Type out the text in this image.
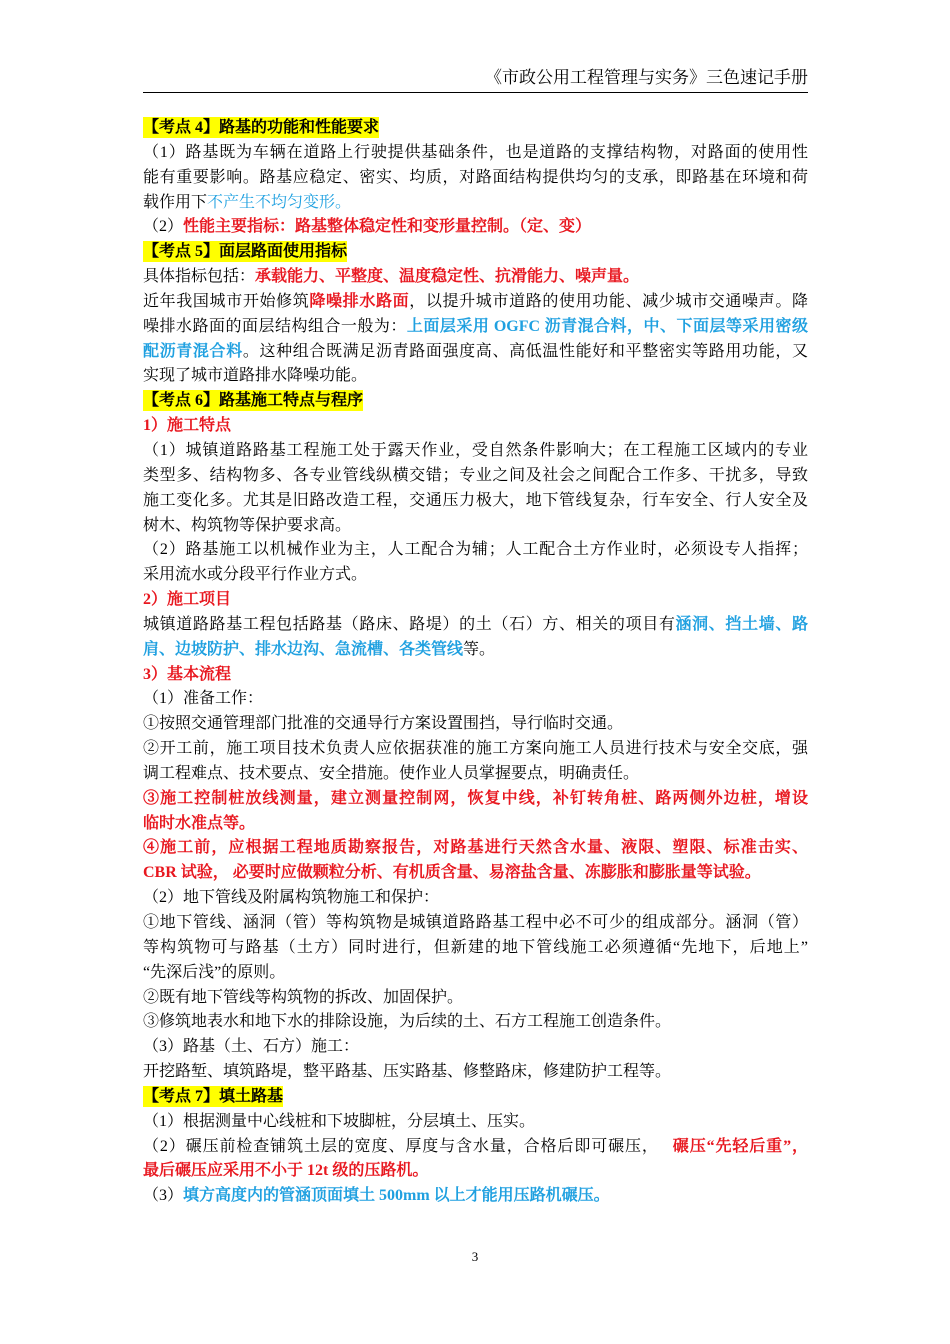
《市政公用工程管理与实务》三色速记手册
【考点 4】路基的功能和性能要求
（1）路基既为车辆在道路上行驶提供基础条件，也是道路的支撑结构物，对路面的使用性
能有重要影响。路基应稳定、密实、均质，对路面结构提供均匀的支承，即路基在环境和荷
载作用下不产生不均匀变形。
（2）性能主要指标：路基整体稳定性和变形量控制。（定、变）
【考点 5】面层路面使用指标
具体指标包括：承载能力、平整度、温度稳定性、抗滑能力、噪声量。
近年我国城市开始修筑降噪排水路面，以提升城市道路的使用功能、减少城市交通噪声。降
噪排水路面的面层结构组合一般为：上面层采用 OGFC 沥青混合料，中、下面层等采用密级
配沥青混合料。这种组合既满足沥青路面强度高、高低温性能好和平整密实等路用功能，又
实现了城市道路排水降噪功能。
【考点 6】路基施工特点与程序
1）施工特点
（1）城镇道路路基工程施工处于露天作业，受自然条件影响大；在工程施工区域内的专业
类型多、结构物多、各专业管线纵横交错；专业之间及社会之间配合工作多、干扰多，导致
施工变化多。尤其是旧路改造工程，交通压力极大，地下管线复杂，行车安全、行人安全及
树木、构筑物等保护要求高。
（2）路基施工以机械作业为主，人工配合为辅；人工配合土方作业时，必须设专人指挥；
采用流水或分段平行作业方式。
2）施工项目
城镇道路路基工程包括路基（路床、路堤）的土（石）方、相关的项目有涵洞、挡土墙、路
肩、边坡防护、排水边沟、急流槽、各类管线等。
3）基本流程
（1）准备工作：
①按照交通管理部门批准的交通导行方案设置围挡，导行临时交通。
②开工前，施工项目技术负责人应依据获准的施工方案向施工人员进行技术与安全交底，强
调工程难点、技术要点、安全措施。使作业人员掌握要点，明确责任。
③施工控制桩放线测量，建立测量控制网，恢复中线，补钉转角桩、路两侧外边桩，增设
临时水准点等。
④施工前，应根据工程地质勘察报告，对路基进行天然含水量、液限、塑限、标准击实、
CBR 试验， 必要时应做颗粒分析、有机质含量、易溶盐含量、冻膨胀和膨胀量等试验。
（2）地下管线及附属构筑物施工和保护：
①地下管线、涵洞（管）等构筑物是城镇道路路基工程中必不可少的组成部分。涵洞（管）
等构筑物可与路基（土方）同时进行，但新建的地下管线施工必须遵循“先地下，后地上”
“先深后浅”的原则。
②既有地下管线等构筑物的拆改、加固保护。
③修筑地表水和地下水的排除设施，为后续的土、石方工程施工创造条件。
（3）路基（土、石方）施工：
开挖路堑、填筑路堤，整平路基、压实路基、修整路床，修建防护工程等。
【考点 7】填土路基
（1）根据测量中心线桩和下坡脚桩，分层填土、压实。
（2）碾压前检查铺筑土层的宽度、厚度与含水量，合格后即可碾压， 碾压“先轻后重”，
最后碾压应采用不小于 12t 级的压路机。
（3）填方高度内的管涵顶面填土 500mm 以上才能用压路机碾压。
3
